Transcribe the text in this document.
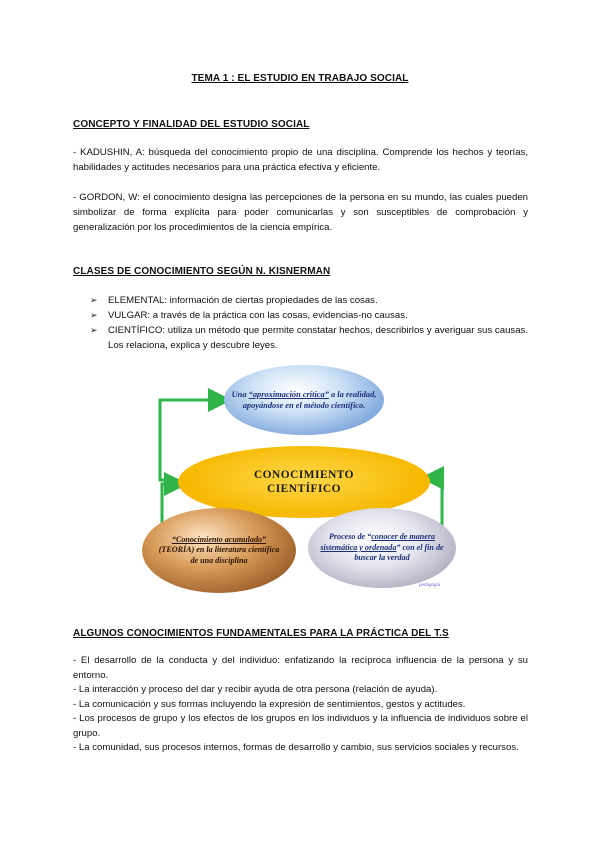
TEMA 1 : EL ESTUDIO EN TRABAJO SOCIAL
CONCEPTO Y FINALIDAD DEL ESTUDIO SOCIAL
- KADUSHIN, A: búsqueda del conocimiento propio de una disciplina. Comprende los hechos y teorías, habilidades y actitudes necesarios para una práctica efectiva y eficiente.
- GORDON, W: el conocimiento designa las percepciones de la persona en su mundo, las cuales pueden simbolizar de forma explícita para poder comunicarlas y son susceptibles de comprobación y generalización por los procedimientos de la ciencia empírica.
CLASES DE CONOCIMIENTO SEGÚN N. KISNERMAN
➢ ELEMENTAL: información de ciertas propiedades de las cosas.
➢ VULGAR: a través de la práctica con las cosas, evidencias-no causas.
➢ CIENTÍFICO: utiliza un método que permite constatar hechos, describirlos y averiguar sus causas. Los relaciona, explica y descubre leyes.
Una “aproximación crítica” a la realidad, apoyándose en el método científico.
CONOCIMIENTO
CIENTÍFICO
“Conocimiento acumulado” (TEORÍA) en la literatura científica de una disciplina
Proceso de “conocer de manera sistemática y ordenada” con el fin de buscar la verdad
pedagogía
ALGUNOS CONOCIMIENTOS FUNDAMENTALES PARA LA PRÁCTICA DEL T.S
- El desarrollo de la conducta y del individuo: enfatizando la recíproca influencia de la persona y su entorno.
- La interacción y proceso del dar y recibir ayuda de otra persona (relación de ayuda).
- La comunicación y sus formas incluyendo la expresión de sentimientos, gestos y actitudes.
- Los procesos de grupo y los efectos de los grupos en los individuos y la influencia de individuos sobre el grupo.
- La comunidad, sus procesos internos, formas de desarrollo y cambio, sus servicios sociales y recursos.
